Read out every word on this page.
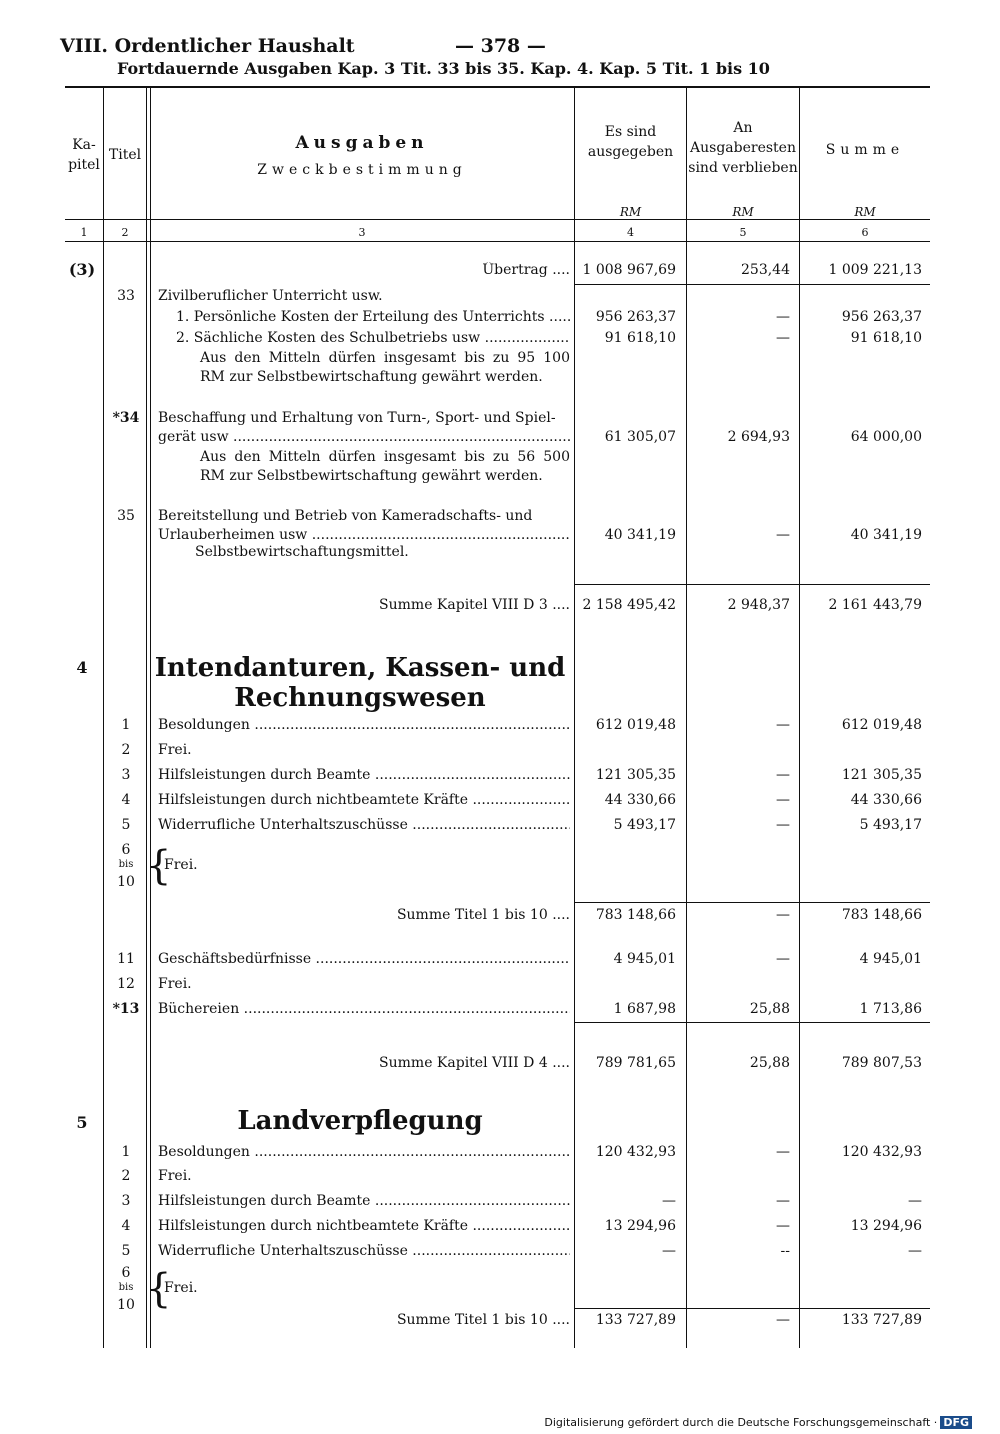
VIII. Ordentlicher Haushalt	— 378 —
Fortdauernde Ausgaben Kap. 3 Tit. 33 bis 35. Kap. 4. Kap. 5 Tit. 1 bis 10
Ka-
pitel
Titel
Ausgaben
Zweckbestimmung
Es sind
ausgegeben
An
Ausgaberesten
sind verblieben
Summe
RM	RM	RM
1	2	3	4	5	6
(3)	Übertrag .... 1 008 967,69	253,44	1 009 221,13
33	Zivilberuflicher Unterricht usw.
1. Persönliche Kosten der Erteilung des Unterrichts .....	956 263,37	—	956 263,37
2. Sächliche Kosten des Schulbetriebs usw .....	91 618,10	—	91 618,10
Aus den Mitteln dürfen insgesamt bis zu 95 100 RM zur Selbstbewirtschaftung gewährt werden.
*34	Beschaffung und Erhaltung von Turn-, Sport- und Spiel-
gerät usw .....	61 305,07	2 694,93	64 000,00
Aus den Mitteln dürfen insgesamt bis zu 56 500 RM zur Selbstbewirtschaftung gewährt werden.
35	Bereitstellung und Betrieb von Kameradschafts- und
Urlauberheimen usw .....	40 341,19	—	40 341,19
Selbstbewirtschaftungsmittel.
Summe Kapitel VIII D 3 .... 2 158 495,42	2 948,37	2 161 443,79
4	Intendanturen, Kassen- und
Rechnungswesen
1	Besoldungen .....	612 019,48	—	612 019,48
2	Frei.
3	Hilfsleistungen durch Beamte .....	121 305,35	—	121 305,35
4	Hilfsleistungen durch nichtbeamtete Kräfte .....	44 330,66	—	44 330,66
5	Widerrufliche Unterhaltszuschüsse .....	5 493,17	—	5 493,17
6
bis
10 {
Frei.
Summe Titel 1 bis 10 ....	783 148,66	—	783 148,66
11	Geschäftsbedürfnisse .....	4 945,01	—	4 945,01
12	Frei.
*13	Büchereien .....	1 687,98	25,88	1 713,86
Summe Kapitel VIII D 4 ....	789 781,65	25,88	789 807,53
5	Landverpflegung
1	Besoldungen .....	120 432,93	—	120 432,93
2	Frei.
3	Hilfsleistungen durch Beamte .....	—	—	—
4	Hilfsleistungen durch nichtbeamtete Kräfte .....	13 294,96	—	13 294,96
5	Widerrufliche Unterhaltszuschüsse .....	—	--	—
6
bis
10 {
Frei.
Summe Titel 1 bis 10 ....	133 727,89	—	133 727,89
Digitalisierung gefördert durch die Deutsche Forschungsgemeinschaft · DFG
